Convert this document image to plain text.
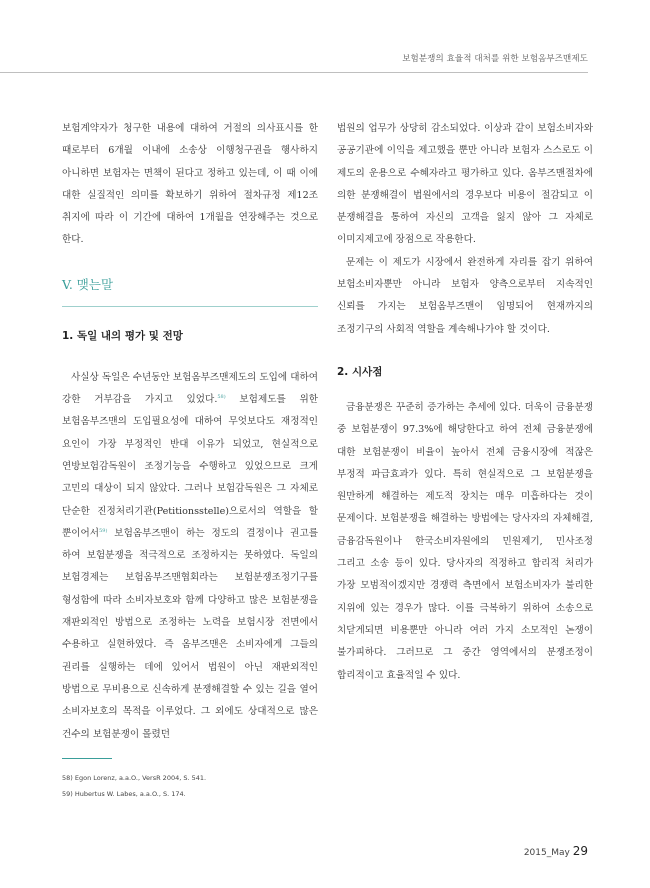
보험분쟁의 효율적 대처를 위한 보험옴부즈맨제도

보험계약자가 청구한 내용에 대하여 거절의 의사표시를 한 때로부터 6개월 이내에 소송상 이행청구권을 행사하지 아니하면 보험자는 면책이 된다고 정하고 있는데, 이 때 이에 대한 실질적인 의미를 확보하기 위하여 절차규정 제12조 취지에 따라 이 기간에 대하여 1개월을 연장해주는 것으로 한다.

V. 맺는말
1. 독일 내의 평가 및 전망

사실상 독일은 수년동안 보험옴부즈맨제도의 도입에 대하여 강한 거부감을 가지고 있었다.$^{58)}$ 보험제도를 위한 보험옴부즈맨의 도입필요성에 대하여 무엇보다도 재정적인 요인이 가장 부정적인 반대 이유가 되었고, 현실적으로 연방보험감독원이 조정기능을 수행하고 있었으므로 크게 고민의 대상이 되지 않았다. 그러나 보험감독원은 그 자체로 단순한 진정처리기관(Petitionsstelle)으로서의 역할을 할 뿐이어서$^{59)}$ 보험옴부즈맨이 하는 정도의 결정이나 권고를 하여 보험분쟁을 적극적으로 조정하지는 못하였다. 독일의 보험경제는 보험옴부즈맨협회라는 보험분쟁조정기구를 형성함에 따라 소비자보호와 함께 다양하고 많은 보험분쟁을 재판외적인 방법으로 조정하는 노력을 보험시장 전면에서 수용하고 실현하였다. 즉 옴부즈맨은 소비자에게 그들의 권리를 실행하는 데에 있어서 법원이 아닌 재판외적인 방법으로 무비용으로 신속하게 분쟁해결할 수 있는 길을 열어 소비자보호의 목적을 이루었다. 그 외에도 상대적으로 많은 건수의 보험분쟁이 몰렸던

법원의 업무가 상당히 감소되었다. 이상과 같이 보험소비자와 공공기관에 이익을 제고했을 뿐만 아니라 보험자 스스로도 이 제도의 운용으로 수혜자라고 평가하고 있다. 옴부즈맨절차에 의한 분쟁해결이 법원에서의 경우보다 비용이 절감되고 이 분쟁해결을 통하여 자신의 고객을 잃지 않아 그 자체로 이미지제고에 장점으로 작용한다.

문제는 이 제도가 시장에서 완전하게 자리를 잡기 위하여 보험소비자뿐만 아니라 보험자 양측으로부터 지속적인 신뢰를 가지는 보험옴부즈맨이 임명되어 현재까지의 조정기구의 사회적 역할을 계속해나가야 할 것이다.

2. 시사점

금융분쟁은 꾸준히 증가하는 추세에 있다. 더욱이 금융분쟁 중 보험분쟁이 97.3%에 해당한다고 하여 전체 금융분쟁에 대한 보험분쟁이 비율이 높아서 전체 금융시장에 적잖은 부정적 파급효과가 있다. 특히 현실적으로 그 보험분쟁을 원만하게 해결하는 제도적 장치는 매우 미흡하다는 것이 문제이다. 보험분쟁을 해결하는 방법에는 당사자의 자체해결, 금융감독원이나 한국소비자원에의 민원제기, 민사조정 그리고 소송 등이 있다. 당사자의 적정하고 합리적 처리가 가장 모범적이겠지만 경쟁력 측면에서 보험소비자가 불리한 지위에 있는 경우가 많다. 이를 극복하기 위하여 소송으로 치닫게되면 비용뿐만 아니라 여러 가지 소모적인 논쟁이 불가피하다. 그러므로 그 중간 영역에서의 분쟁조정이 합리적이고 효율적일 수 있다.

58) Egon Lorenz, a.a.O., VersR 2004, S. 541.
59) Hubertus W. Labes, a.a.O., S. 174.
2015_May 29
